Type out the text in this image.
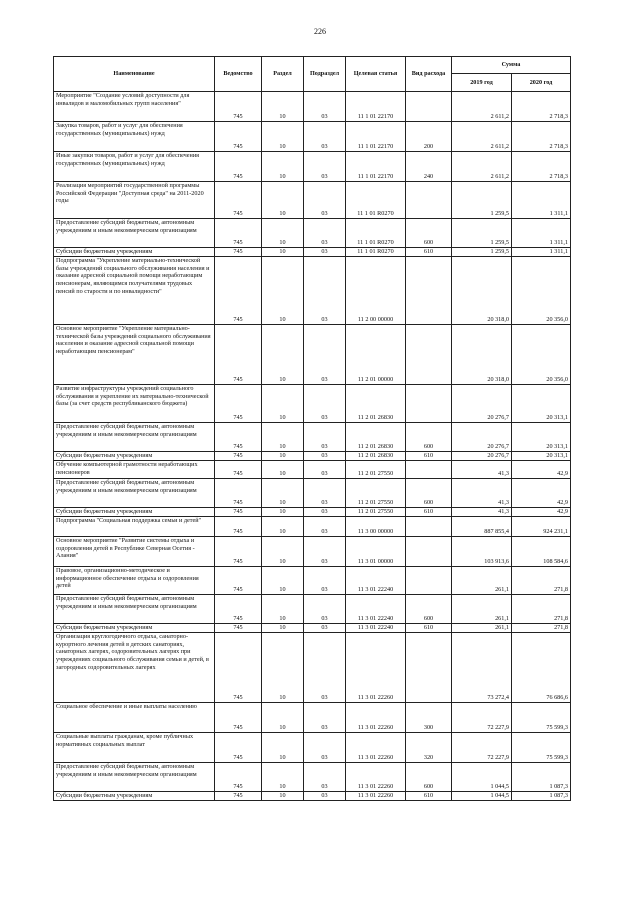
226
Наименование	Ведомство	Раздел	Подраздел	Целевая статья	Вид расхода	Сумма	
						2019 год	2020 год
Мероприятие "Создание условий доступности для инвалидов и маломобильных групп населения"	745	10	03	11 1 01 22170		2 611,2	2 718,3
Закупка товаров, работ и услуг для обеспечения государственных (муниципальных) нужд	745	10	03	11 1 01 22170	200	2 611,2	2 718,3
Иные закупки товаров, работ и услуг для обеспечения государственных (муниципальных) нужд	745	10	03	11 1 01 22170	240	2 611,2	2 718,3
Реализация мероприятий государственной программы Российской Федерации "Доступная среда" на 2011-2020 годы	745	10	03	11 1 01 R0270		1 259,5	1 311,1
Предоставление субсидий бюджетным, автономным учреждениям и иным некоммерческим организациям	745	10	03	11 1 01 R0270	600	1 259,5	1 311,1
Субсидии бюджетным учреждениям	745	10	03	11 1 01 R0270	610	1 259,5	1 311,1
Подпрограмма "Укрепление материально-технической базы учреждений социального обслуживания населения и оказание адресной социальной помощи неработающим пенсионерам, являющимся получателями трудовых пенсий по старости и по инвалидности"	745	10	03	11 2 00 00000		20 318,0	20 356,0
Основное мероприятие "Укрепление материально-технической базы учреждений социального обслуживания населения и оказание адресной социальной помощи неработающим пенсионерам"	745	10	03	11 2 01 00000		20 318,0	20 356,0
Развитие инфраструктуры учреждений социального обслуживания и укрепление их материально-технической базы (за счет средств республиканского бюджета)	745	10	03	11 2 01 26830		20 276,7	20 313,1
Предоставление субсидий бюджетным, автономным учреждениям и иным некоммерческим организациям	745	10	03	11 2 01 26830	600	20 276,7	20 313,1
Субсидии бюджетным учреждениям	745	10	03	11 2 01 26830	610	20 276,7	20 313,1
Обучение компьютерной грамотности неработающих пенсионеров	745	10	03	11 2 01 27550		41,3	42,9
Предоставление субсидий бюджетным, автономным учреждениям и иным некоммерческим организациям	745	10	03	11 2 01 27550	600	41,3	42,9
Субсидии бюджетным учреждениям	745	10	03	11 2 01 27550	610	41,3	42,9
Подпрограмма "Социальная поддержка семьи и детей"	745	10	03	11 3 00 00000		887 855,4	924 231,1
Основное мероприятие "Развитие системы отдыха и оздоровления детей в Республике Северная Осетия - Алания"	745	10	03	11 3 01 00000		103 913,6	108 584,6
Правовое, организационно-методическое и информационное обеспечение отдыха и оздоровления детей	745	10	03	11 3 01 22240		261,1	271,8
Предоставление субсидий бюджетным, автономным учреждениям и иным некоммерческим организациям	745	10	03	11 3 01 22240	600	261,1	271,8
Субсидии бюджетным учреждениям	745	10	03	11 3 01 22240	610	261,1	271,8
Организация круглогодичного отдыха, санаторно-курортного лечения детей в детских санаториях, санаторных лагерях, оздоровительных лагерях при учреждениях социального обслуживания семьи и детей, в загородных оздоровительных лагерях	745	10	03	11 3 01 22260		73 272,4	76 686,6
Социальное обеспечение и иные выплаты населению	745	10	03	11 3 01 22260	300	72 227,9	75 599,3
Социальные выплаты гражданам, кроме публичных нормативных социальных выплат	745	10	03	11 3 01 22260	320	72 227,9	75 599,3
Предоставление субсидий бюджетным, автономным учреждениям и иным некоммерческим организациям	745	10	03	11 3 01 22260	600	1 044,5	1 087,3
Субсидии бюджетным учреждениям	745	10	03	11 3 01 22260	610	1 044,5	1 087,3
